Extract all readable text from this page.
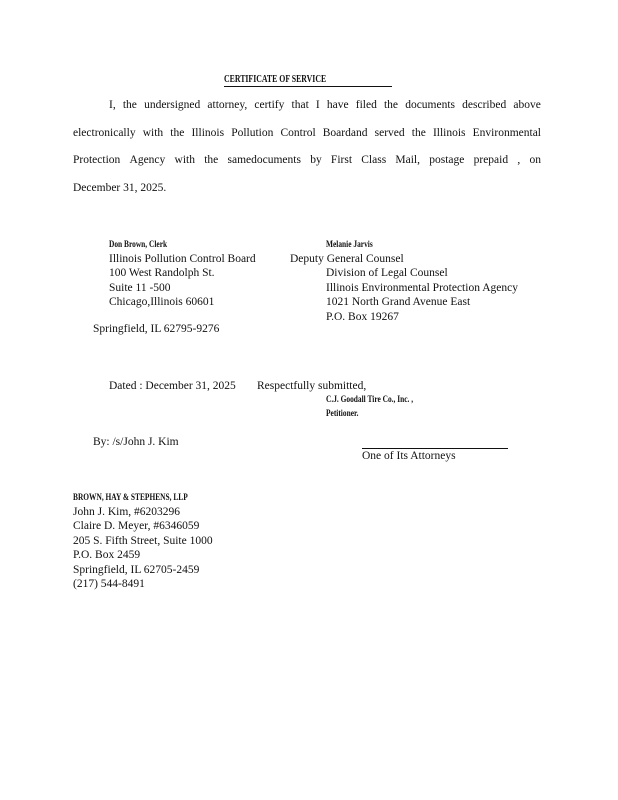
CERTIFICATE OF SERVICE
I, the undersigned attorney, certify that I have filed the documents described above
electronically with the Illinois Pollution Control Boardand served the Illinois Environmental
Protection Agency with the samedocuments by First Class Mail, postage prepaid , on
December 31, 2025.
Don Brown, Clerk
Illinois Pollution Control Board
100 West Randolph St.
Suite 11 -500
Chicago,Illinois 60601
Melanie Jarvis
Deputy General Counsel
Division of Legal Counsel
Illinois Environmental Protection Agency
1021 North Grand Avenue East
P.O. Box 19267
Springfield, IL 62795-9276
Dated : December 31, 2025 Respectfully submitted,
C.J. Goodall Tire Co., Inc. ,
Petitioner.
By: /s/John J. Kim
One of Its Attorneys
BROWN, HAY & STEPHENS, LLP
John J. Kim, #6203296
Claire D. Meyer, #6346059
205 S. Fifth Street, Suite 1000
P.O. Box 2459
Springfield, IL 62705-2459
(217) 544-8491
